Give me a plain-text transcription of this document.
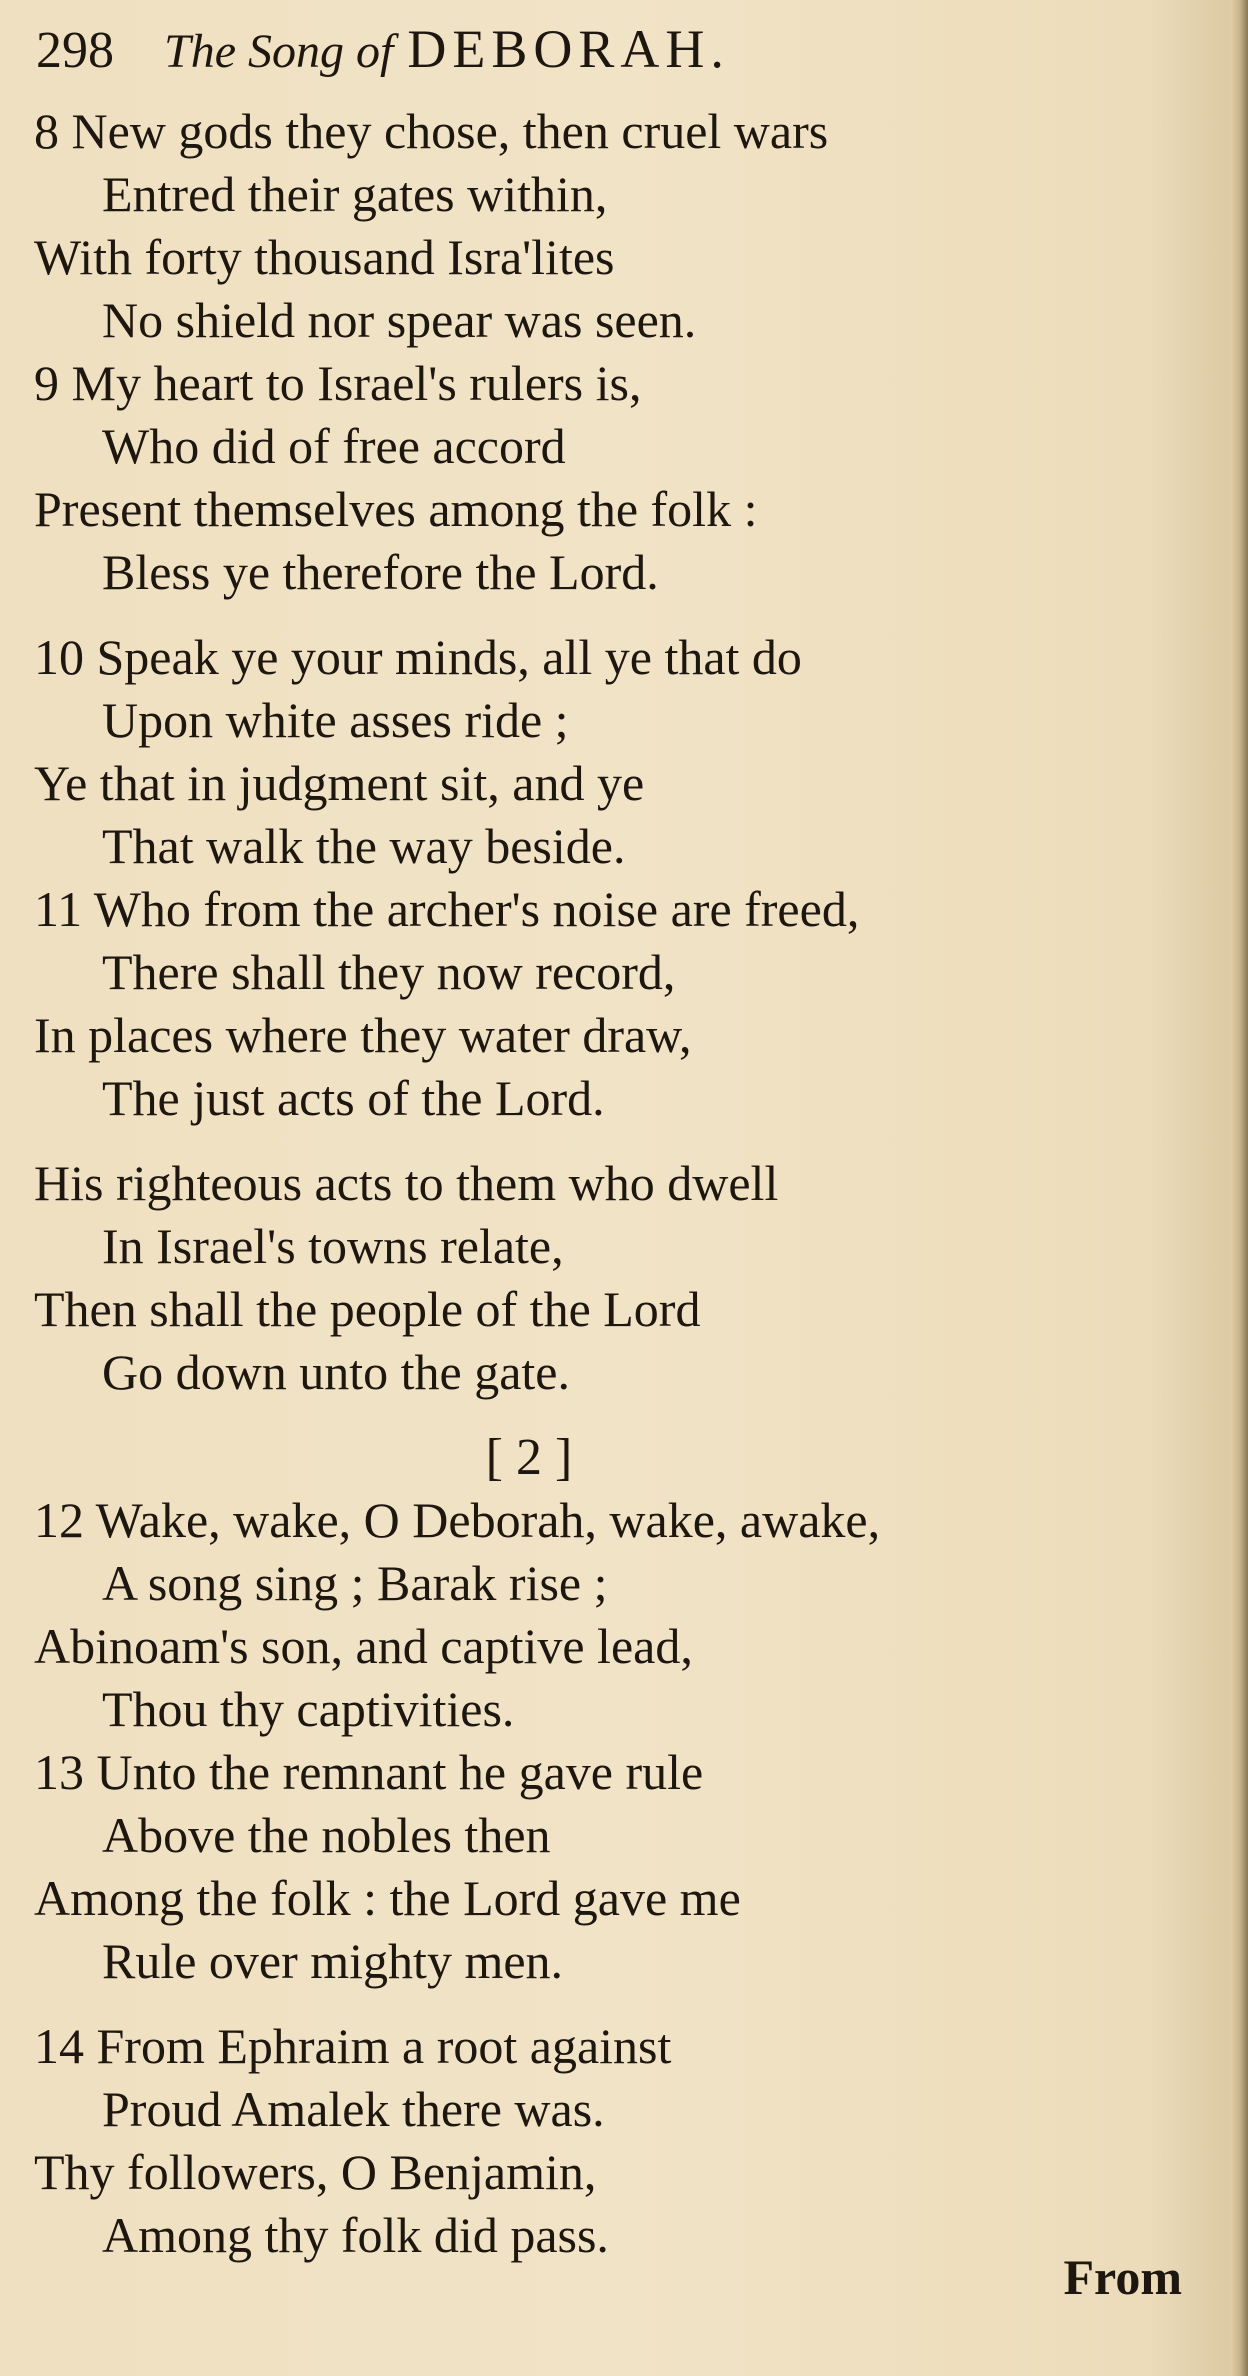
298 The Song of DEBORAH.
8 New gods they chose, then cruel wars
Entred their gates within,
With forty thousand Isra'lites
No shield nor spear was seen.
9 My heart to Israel's rulers is,
Who did of free accord
Present themselves among the folk :
Bless ye therefore the Lord.
10 Speak ye your minds, all ye that do
Upon white asses ride ;
Ye that in judgment sit, and ye
That walk the way beside.
11 Who from the archer's noise are freed,
There shall they now record,
In places where they water draw,
The just acts of the Lord.
His righteous acts to them who dwell
In Israel's towns relate,
Then shall the people of the Lord
Go down unto the gate.
[ 2 ]
12 Wake, wake, O Deborah, wake, awake,
A song sing ; Barak rise ;
Abinoam's son, and captive lead,
Thou thy captivities.
13 Unto the remnant he gave rule
Above the nobles then
Among the folk : the Lord gave me
Rule over mighty men.
14 From Ephraim a root against
Proud Amalek there was.
Thy followers, O Benjamin,
Among thy folk did pass.
From
